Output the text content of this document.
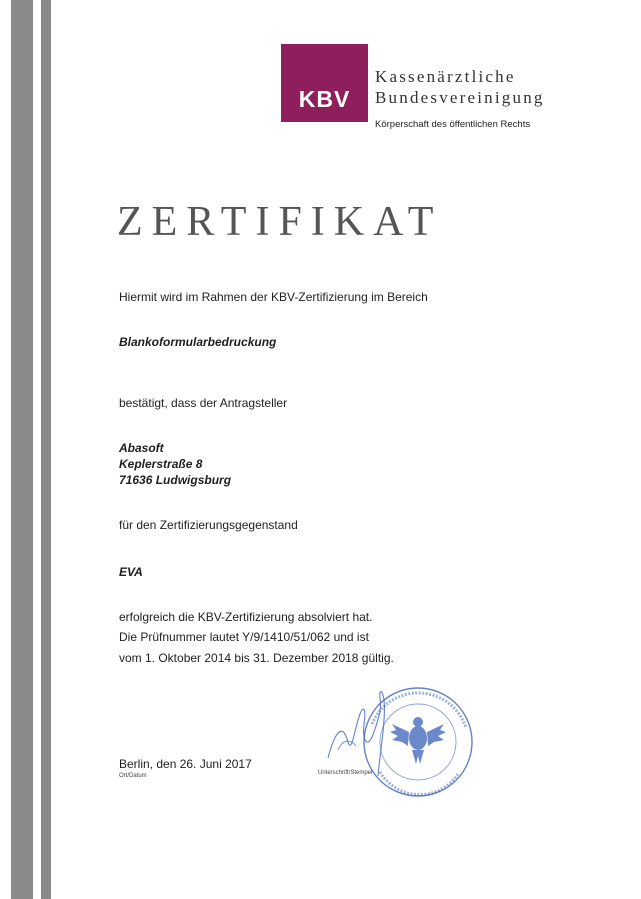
KBV
Kassenärztliche
Bundesvereinigung
Körperschaft des öffentlichen Rechts
ZERTIFIKAT
Hiermit wird im Rahmen der KBV-Zertifizierung im Bereich
Blankoformularbedruckung
bestätigt, dass der Antragsteller
Abasoft
Keplerstraße 8
71636 Ludwigsburg
für den Zertifizierungsgegenstand
EVA
erfolgreich die KBV-Zertifizierung absolviert hat.
Die Prüfnummer lautet Y/9/1410/51/062 und ist
vom 1. Oktober 2014 bis 31. Dezember 2018 gültig.
Berlin, den 26. Juni 2017
Ort/Datum	Unterschrift/Stempel
